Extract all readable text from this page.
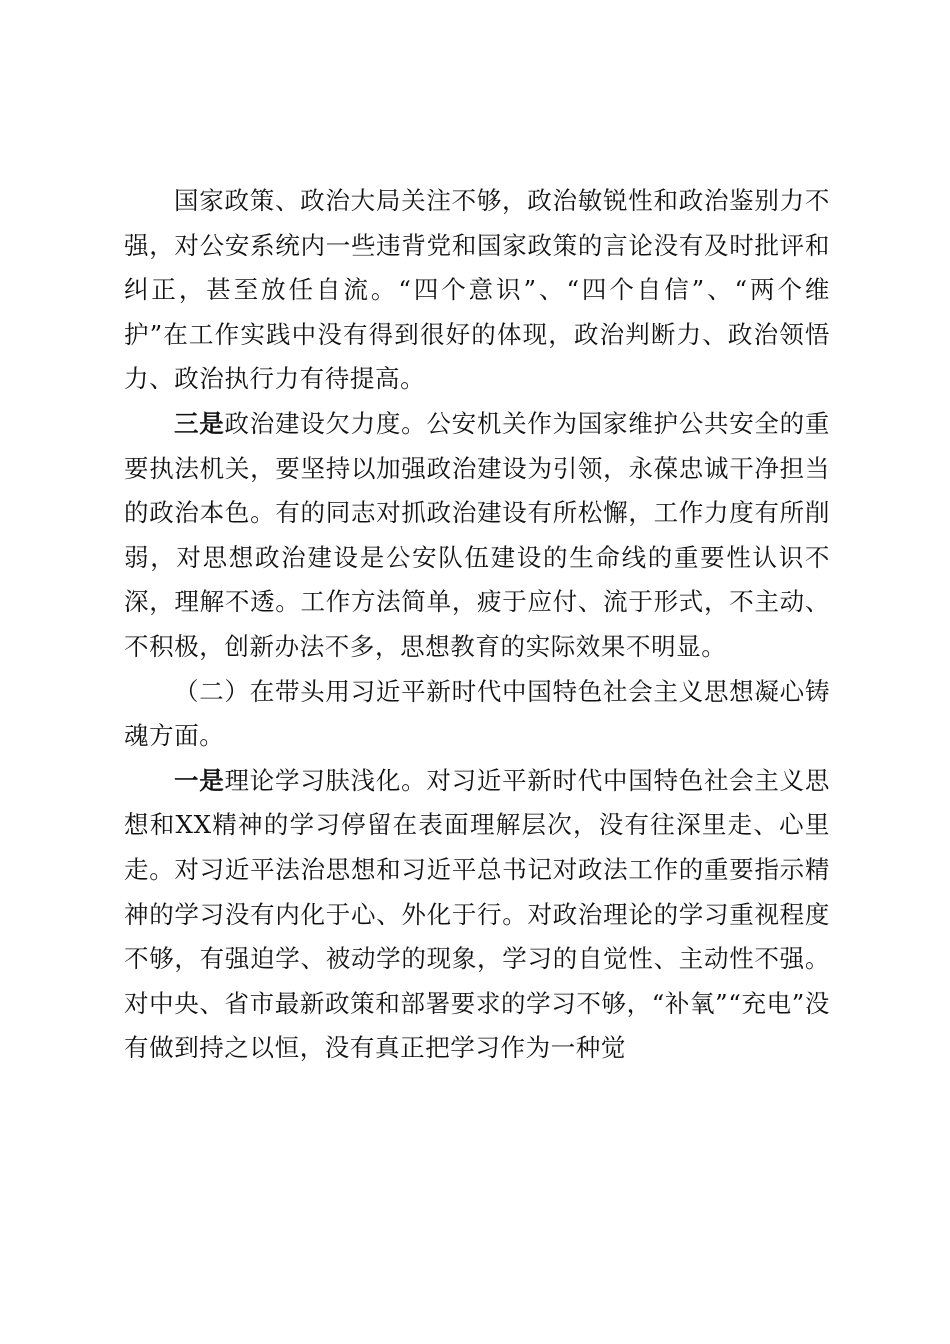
国家政策、政治大局关注不够，政治敏锐性和政治鉴别力不强，对公安系统内一些违背党和国家政策的言论没有及时批评和纠正，甚至放任自流。“四个意识”、“四个自信”、“两个维护”在工作实践中没有得到很好的体现，政治判断力、政治领悟力、政治执行力有待提高。

三是政治建设欠力度。公安机关作为国家维护公共安全的重要执法机关，要坚持以加强政治建设为引领，永葆忠诚干净担当的政治本色。有的同志对抓政治建设有所松懈，工作力度有所削弱，对思想政治建设是公安队伍建设的生命线的重要性认识不深，理解不透。工作方法简单，疲于应付、流于形式，不主动、不积极，创新办法不多，思想教育的实际效果不明显。

（二）在带头用习近平新时代中国特色社会主义思想凝心铸魂方面。

一是理论学习肤浅化。对习近平新时代中国特色社会主义思想和XX精神的学习停留在表面理解层次，没有往深里走、心里走。对习近平法治思想和习近平总书记对政法工作的重要指示精神的学习没有内化于心、外化于行。对政治理论的学习重视程度不够，有强迫学、被动学的现象，学习的自觉性、主动性不强。对中央、省市最新政策和部署要求的学习不够，“补氧”“充电”没有做到持之以恒，没有真正把学习作为一种觉
